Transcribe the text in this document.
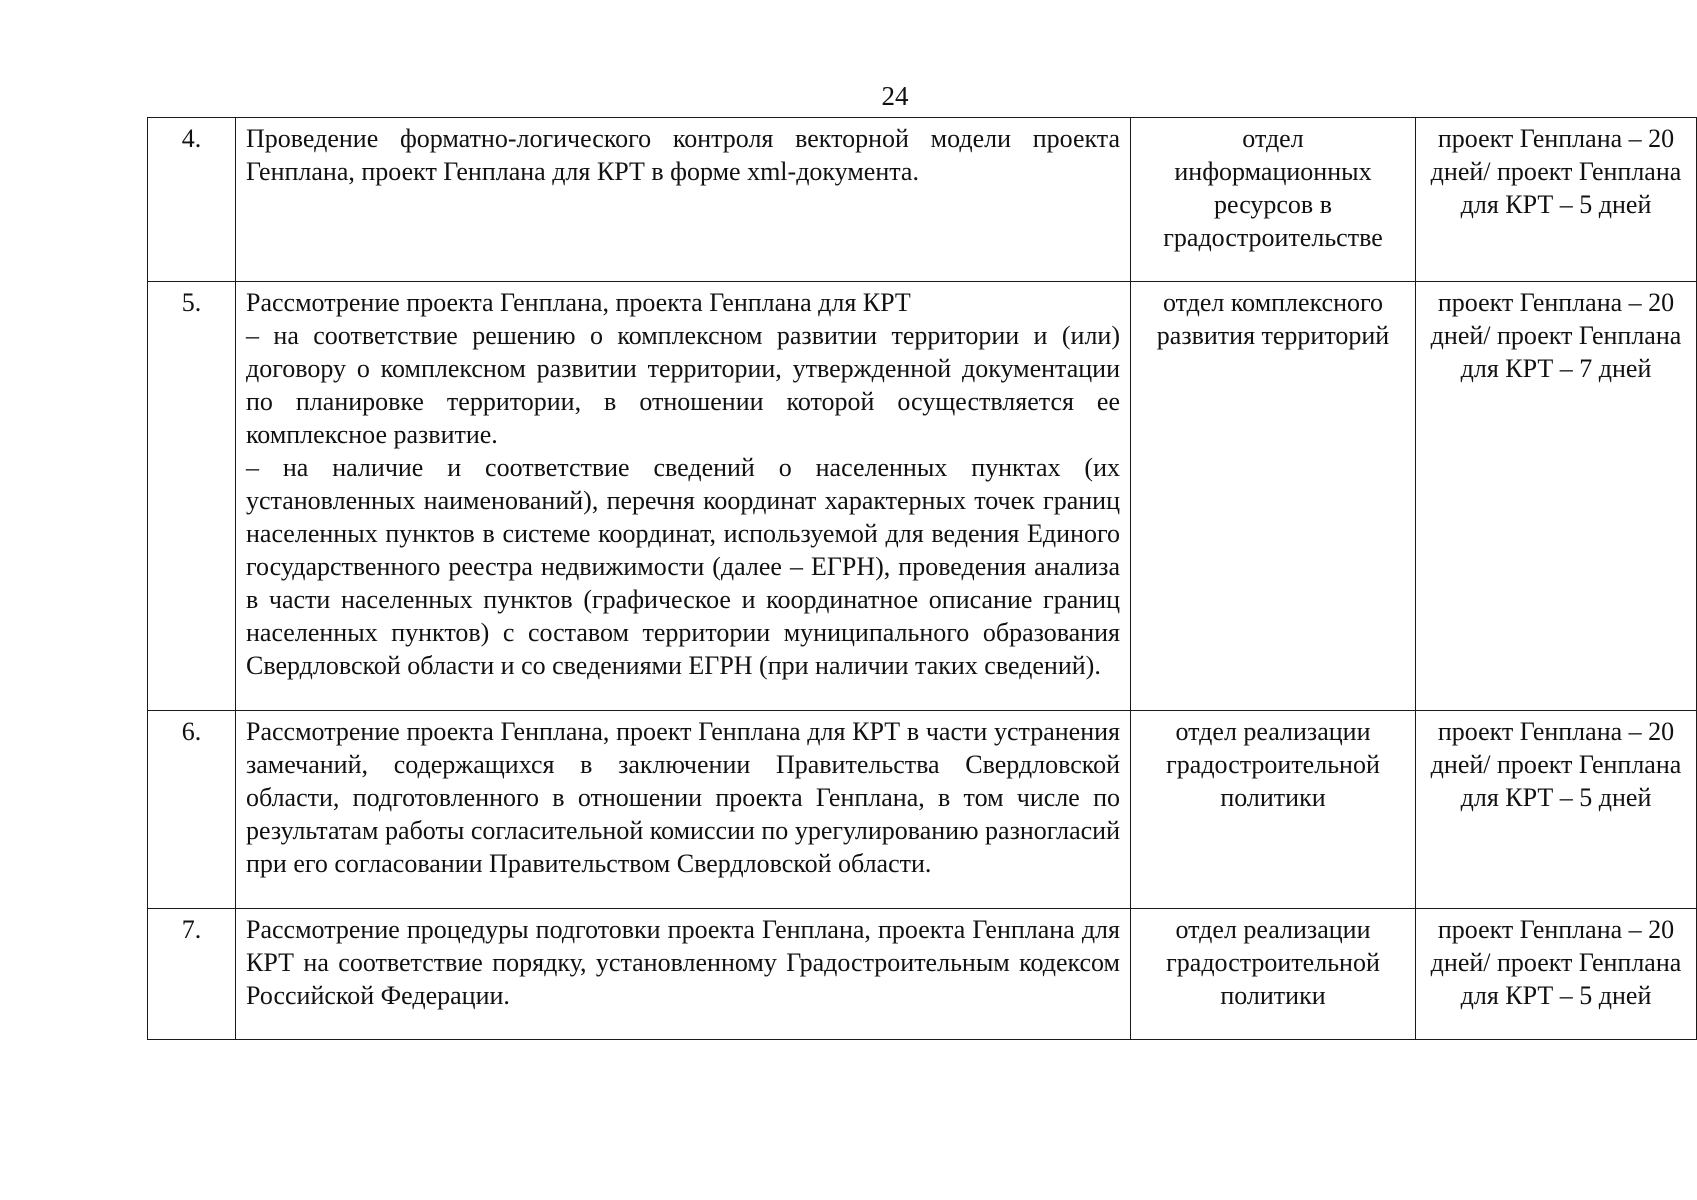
24
4.	Проведение форматно-логического контроля векторной модели проекта Генплана, проект Генплана для КРТ в форме xml-документа.	отдел информационных ресурсов в градостроительстве	проект Генплана – 20 дней/ проект Генплана для КРТ – 5 дней
5.	Рассмотрение проекта Генплана, проекта Генплана для КРТ
– на соответствие решению о комплексном развитии территории и (или) договору о комплексном развитии территории, утвержденной документации по планировке территории, в отношении которой осуществляется ее комплексное развитие.
– на наличие и соответствие сведений о населенных пунктах (их установленных наименований), перечня координат характерных точек границ населенных пунктов в системе координат, используемой для ведения Единого государственного реестра недвижимости (далее – ЕГРН), проведения анализа в части населенных пунктов (графическое и координатное описание границ населенных пунктов) с составом территории муниципального образования Свердловской области и со сведениями ЕГРН (при наличии таких сведений).	отдел комплексного развития территорий	проект Генплана – 20 дней/ проект Генплана для КРТ – 7 дней
6.	Рассмотрение проекта Генплана, проект Генплана для КРТ в части устранения замечаний, содержащихся в заключении Правительства Свердловской области, подготовленного в отношении проекта Генплана, в том числе по результатам работы согласительной комиссии по урегулированию разногласий при его согласовании Правительством Свердловской области.	отдел реализации градостроительной политики	проект Генплана – 20 дней/ проект Генплана для КРТ – 5 дней
7.	Рассмотрение процедуры подготовки проекта Генплана, проекта Генплана для КРТ на соответствие порядку, установленному Градостроительным кодексом Российской Федерации.	отдел реализации градостроительной политики	проект Генплана – 20 дней/ проект Генплана для КРТ – 5 дней
